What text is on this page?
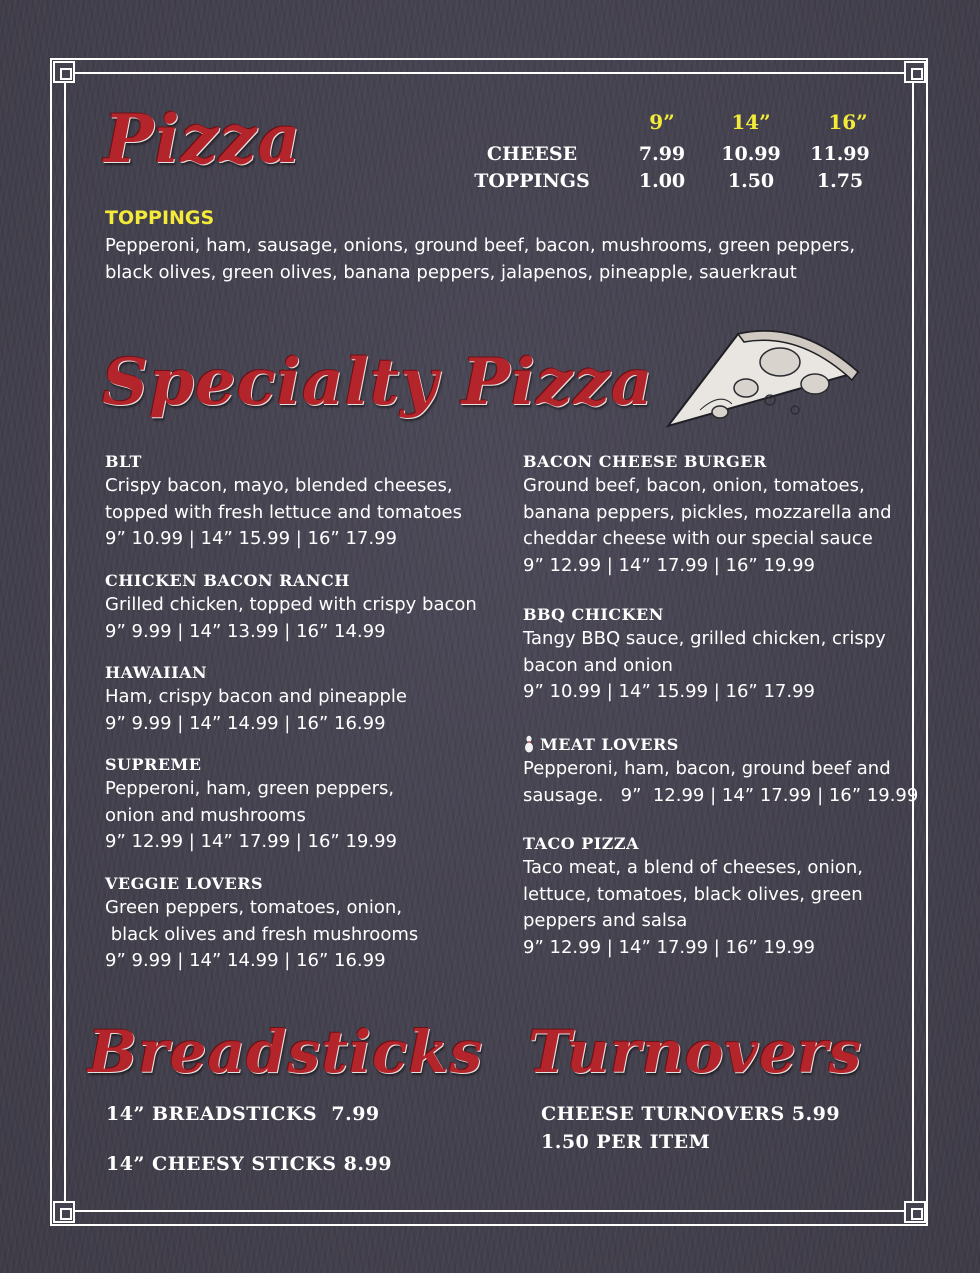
Pizza	9”	14”	16”
CHEESE	7.99	10.99	11.99
TOPPINGS	1.00	1.50	1.75
TOPPINGS
Pepperoni, ham, sausage, onions, ground beef, bacon, mushrooms, green peppers,
black olives, green olives, banana peppers, jalapenos, pineapple, sauerkraut
Specialty Pizza
BLT
Crispy bacon, mayo, blended cheeses,
topped with fresh lettuce and tomatoes
9” 10.99 | 14” 15.99 | 16” 17.99
CHICKEN BACON RANCH
Grilled chicken, topped with crispy bacon
9” 9.99 | 14” 13.99 | 16” 14.99
HAWAIIAN
Ham, crispy bacon and pineapple
9” 9.99 | 14” 14.99 | 16” 16.99
SUPREME
Pepperoni, ham, green peppers,
onion and mushrooms
9” 12.99 | 14” 17.99 | 16” 19.99
VEGGIE LOVERS
Green peppers, tomatoes, onion,
black olives and fresh mushrooms
9” 9.99 | 14” 14.99 | 16” 16.99
BACON CHEESE BURGER
Ground beef, bacon, onion, tomatoes,
banana peppers, pickles, mozzarella and
cheddar cheese with our special sauce
9” 12.99 | 14” 17.99 | 16” 19.99
BBQ CHICKEN
Tangy BBQ sauce, grilled chicken, crispy
bacon and onion
9” 10.99 | 14” 15.99 | 16” 17.99
MEAT LOVERS
Pepperoni, ham, bacon, ground beef and
sausage.   9”  12.99 | 14” 17.99 | 16” 19.99
TACO PIZZA
Taco meat, a blend of cheeses, onion,
lettuce, tomatoes, black olives, green
peppers and salsa
9” 12.99 | 14” 17.99 | 16” 19.99
Breadsticks
14” BREADSTICKS  7.99
14” CHEESY STICKS 8.99
Turnovers
CHEESE TURNOVERS 5.99
1.50 PER ITEM
